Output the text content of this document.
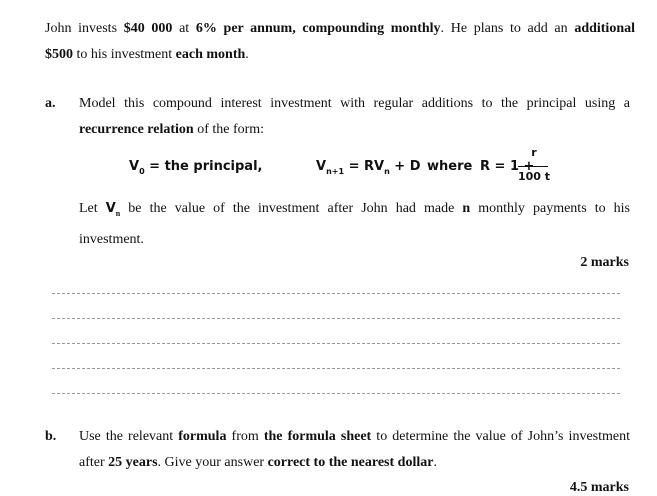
John invests $40 000 at 6% per annum, compounding monthly. He plans to add an additional
$500 to his investment each month.
a. Model this compound interest investment with regular additions to the principal using a
recurrence relation of the form:
$V_0$ = the principal,	$V_{n+1} = RV_n + D$ where R = 1 +
r
100 t
Let $V_n$ be the value of the investment after John had made n monthly payments to his
investment.
2 marks
b. Use the relevant formula from the formula sheet to determine the value of John’s investment
after 25 years. Give your answer correct to the nearest dollar.
4.5 marks
